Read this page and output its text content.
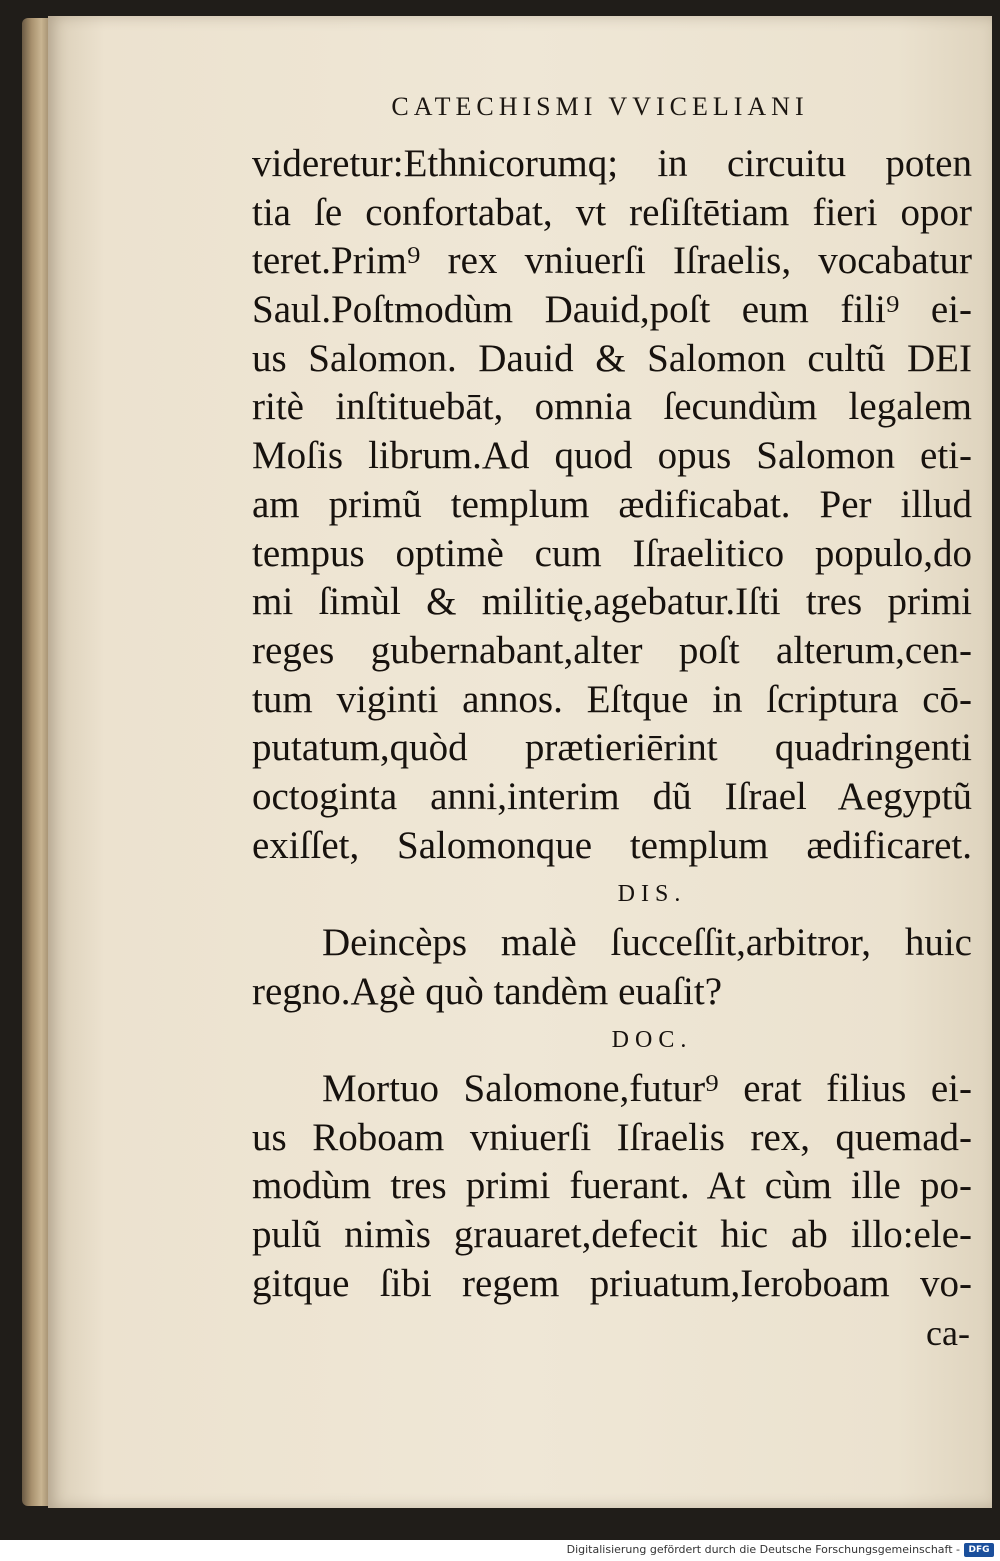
CATECHISMI VVICELIANI
videretur:Ethnicorumq; in circuitu poten
tia ſe confortabat, vt reſiſtētiam fieri opor
teret.Prim⁹ rex vniuerſi Iſraelis, vocabatur
Saul.Poſtmodùm Dauid,poſt eum fili⁹ ei-
us Salomon. Dauid & Salomon cultũ DEI
ritè inſtituebāt, omnia ſecundùm legalem
Moſis librum.Ad quod opus Salomon eti-
am primũ templum ædificabat. Per illud
tempus optimè cum Iſraelitico populo,do
mi ſimùl & militię,agebatur.Iſti tres primi
reges gubernabant,alter poſt alterum,cen-
tum viginti annos. Eſtque in ſcriptura cō-
putatum,quòd prætieriērint quadringenti
octoginta anni,interim dũ Iſrael Aegyptũ
exiſſet, Salomonque templum ædificaret.
DIS.
Deincèps malè ſucceſſit,arbitror, huic
regno.Agè quò tandèm euaſit?
DOC.
Mortuo Salomone,futur⁹ erat filius ei-
us Roboam vniuerſi Iſraelis rex, quemad-
modùm tres primi fuerant. At cùm ille po-
pulũ nimìs grauaret,defecit hic ab illo:ele-
gitque ſibi regem priuatum,Ieroboam vo-
ca-
Digitalisierung gefördert durch die Deutsche Forschungsgemeinschaft - DFG
